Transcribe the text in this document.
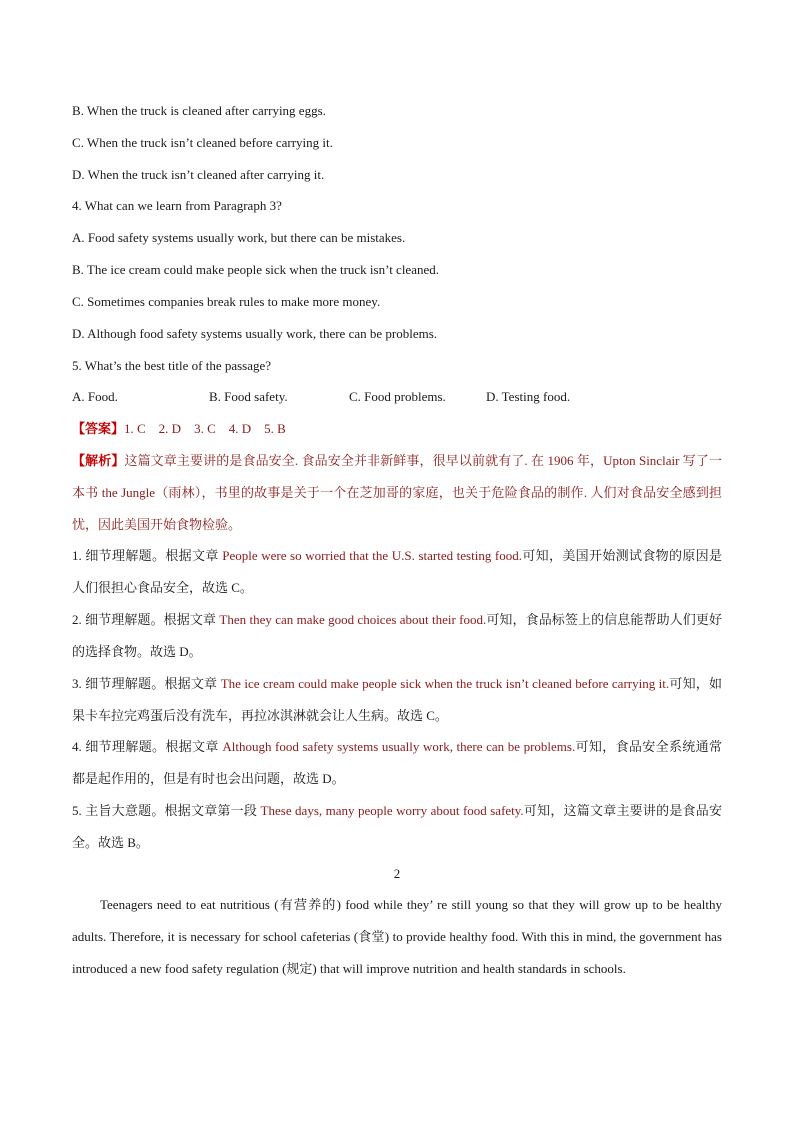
B. When the truck is cleaned after carrying eggs.
C. When the truck isn’t cleaned before carrying it.
D. When the truck isn’t cleaned after carrying it.
4. What can we learn from Paragraph 3?
A. Food safety systems usually work, but there can be mistakes.
B. The ice cream could make people sick when the truck isn’t cleaned.
C. Sometimes companies break rules to make more money.
D. Although food safety systems usually work, there can be problems.
5. What’s the best title of the passage?
A. Food.	B. Food safety.	C. Food problems.	D. Testing food.
【答案】1. C    2. D    3. C    4. D    5. B
【解析】这篇文章主要讲的是食品安全. 食品安全并非新鲜事，很早以前就有了. 在 1906 年，Upton Sinclair 写了一本书 the Jungle（雨林），书里的故事是关于一个在芝加哥的家庭，也关于危险食品的制作. 人们对食品安全感到担忧，因此美国开始食物检验。
1. 细节理解题。根据文章 People were so worried that the U.S. started testing food.可知，美国开始测试食物的原因是人们很担心食品安全，故选 C。
2. 细节理解题。根据文章 Then they can make good choices about their food.可知，食品标签上的信息能帮助人们更好的选择食物。故选 D。
3. 细节理解题。根据文章 The ice cream could make people sick when the truck isn’t cleaned before carrying it.可知，如果卡车拉完鸡蛋后没有洗车，再拉冰淇淋就会让人生病。故选 C。
4. 细节理解题。根据文章 Although food safety systems usually work, there can be problems.可知，食品安全系统通常都是起作用的，但是有时也会出问题，故选 D。
5. 主旨大意题。根据文章第一段 These days, many people worry about food safety.可知，这篇文章主要讲的是食品安全。故选 B。
2
Teenagers need to eat nutritious (有营养的) food while they’ re still young so that they will grow up to be healthy adults. Therefore, it is necessary for school cafeterias (食堂) to provide healthy food. With this in mind, the government has introduced a new food safety regulation (规定) that will improve nutrition and health standards in schools.
